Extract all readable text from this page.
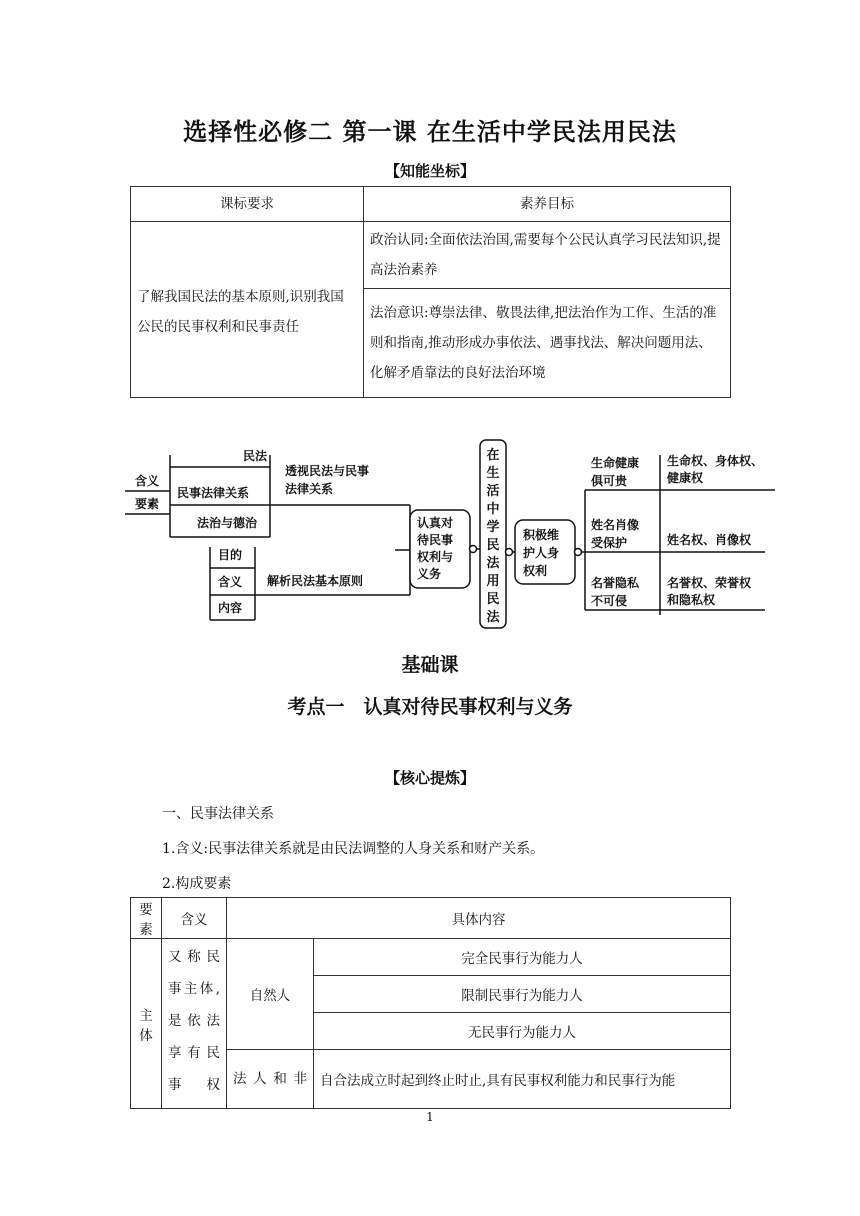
选择性必修二 第一课 在生活中学民法用民法
【知能坐标】
课标要求	素养目标
了解我国民法的基本原则,识别我国公民的民事权利和民事责任	政治认同:全面依法治国,需要每个公民认真学习民法知识,提高法治素养
	法治意识:尊崇法律、敬畏法律,把法治作为工作、生活的准则和指南,推动形成办事依法、遇事找法、解决问题用法、化解矛盾靠法的良好法治环境
含义
要素
民事法律关系
民法
法治与德治
透视民法与民事
法律关系
目的
含义
内容
解析民法基本原则
认真对
待民事
权利与
义务
在生活中学民法用民法
积极维
护人身
权利
生命健康
俱可贵
姓名肖像
受保护
名誉隐私
不可侵
生命权、身体权、
健康权
姓名权、肖像权
名誉权、荣誉权
和隐私权
基础课
考点一　认真对待民事权利与义务
【核心提炼】
一、民事法律关系
1.含义:民事法律关系就是由民法调整的人身关系和财产关系。
2.构成要素
要素	含义	具体内容	
主体	又称民事主体,是依法享有民事权	自然人	完全民事行为能力人
			限制民事行为能力人
			无民事行为能力人
		法人和非	自合法成立时起到终止时止,具有民事权利能力和民事行为能
1
